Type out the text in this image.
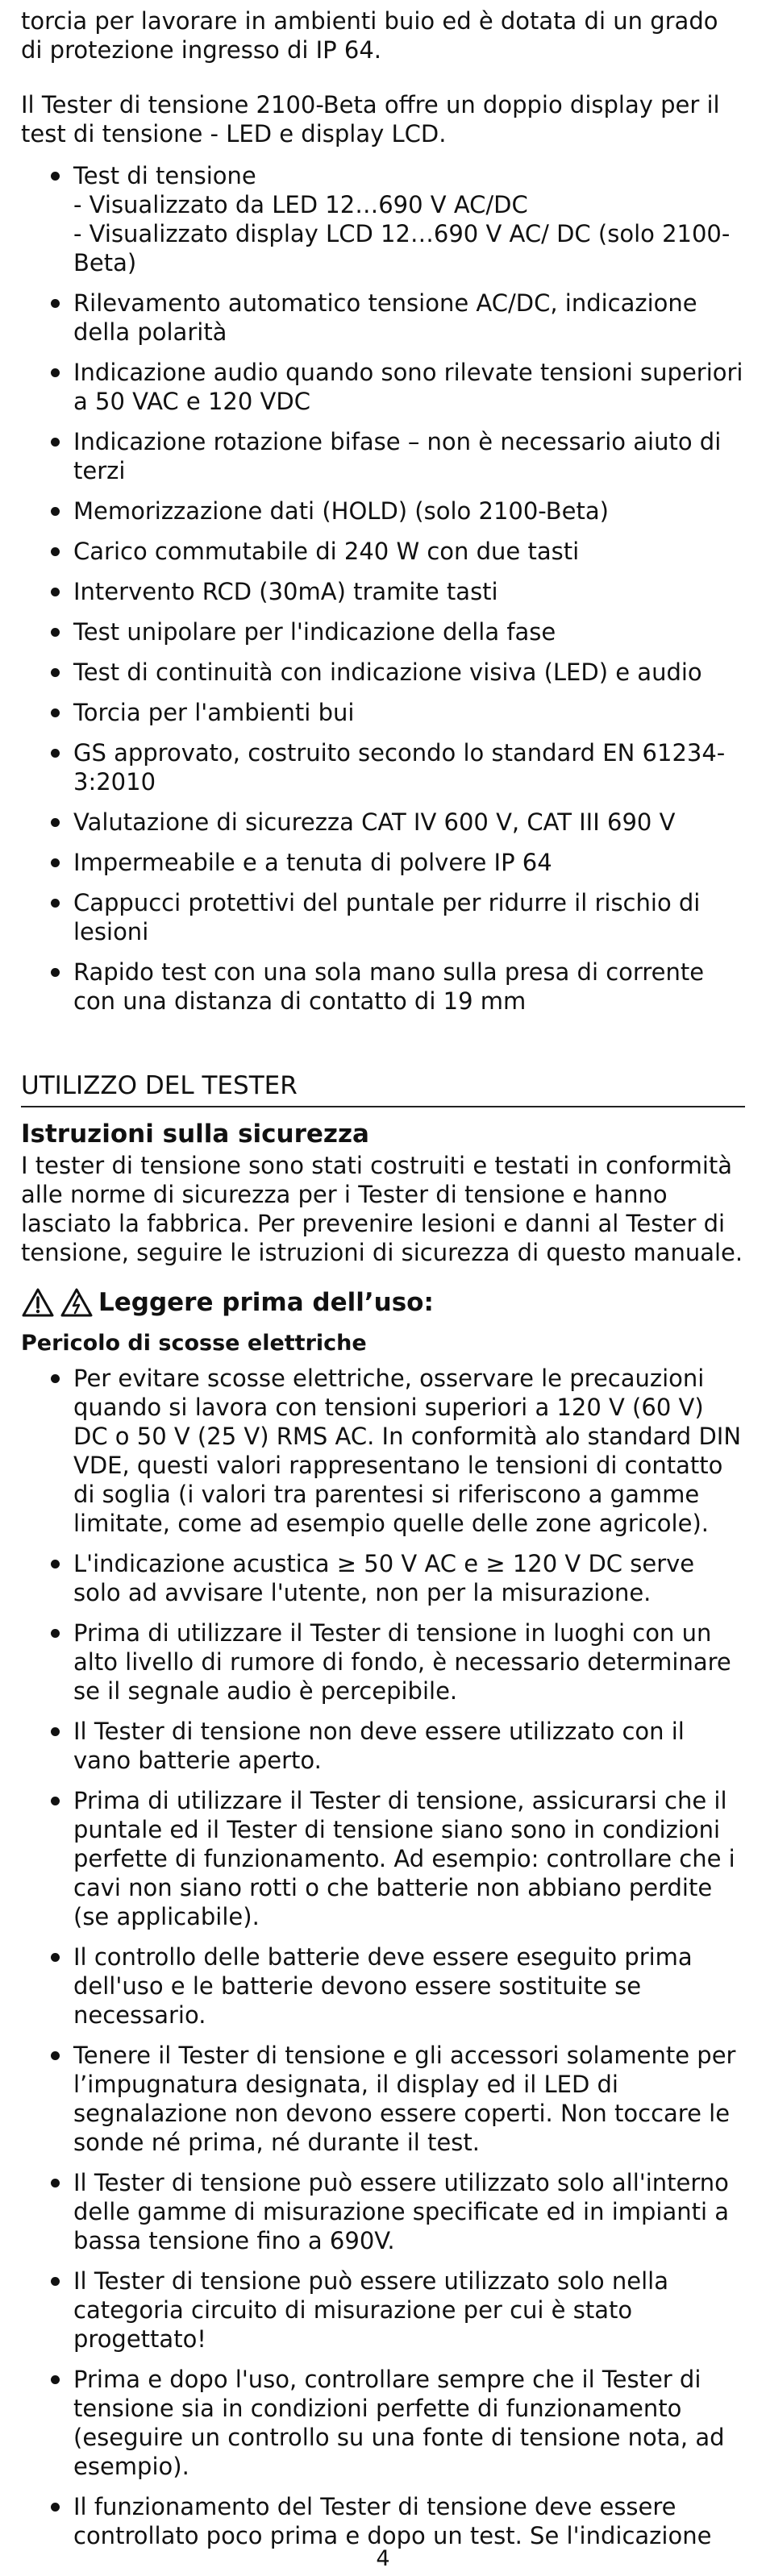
torcia per lavorare in ambienti buio ed è dotata di un grado di protezione ingresso di IP 64.

Il Tester di tensione 2100-Beta offre un doppio display per il test di tensione - LED e display LCD.

Test di tensione
- Visualizzato da LED 12…690 V AC/DC
- Visualizzato display LCD 12…690 V AC/ DC (solo 2100-Beta)
Rilevamento automatico tensione AC/DC, indicazione della polarità
Indicazione audio quando sono rilevate tensioni superiori a 50 VAC e 120 VDC
Indicazione rotazione bifase – non è necessario aiuto di terzi
Memorizzazione dati (HOLD) (solo 2100-Beta)
Carico commutabile di 240 W con due tasti
Intervento RCD (30mA) tramite tasti
Test unipolare per l'indicazione della fase
Test di continuità con indicazione visiva (LED) e audio
Torcia per l'ambienti bui
GS approvato, costruito secondo lo standard EN 61234-3:2010
Valutazione di sicurezza CAT IV 600 V, CAT III 690 V
Impermeabile e a tenuta di polvere IP 64
Cappucci protettivi del puntale per ridurre il rischio di lesioni
Rapido test con una sola mano sulla presa di corrente con una distanza di contatto di 19 mm
UTILIZZO DEL TESTER
Istruzioni sulla sicurezza

I tester di tensione sono stati costruiti e testati in conformità alle norme di sicurezza per i Tester di tensione e hanno lasciato la fabbrica. Per prevenire lesioni e danni al Tester di tensione, seguire le istruzioni di sicurezza di questo manuale.

Leggere prima dell’uso:
Pericolo di scosse elettriche
Per evitare scosse elettriche, osservare le precauzioni quando si lavora con tensioni superiori a 120 V (60 V) DC o 50 V (25 V) RMS AC. In conformità alo standard DIN VDE, questi valori rappresentano le tensioni di contatto di soglia (i valori tra parentesi si riferiscono a gamme limitate, come ad esempio quelle delle zone agricole).
L'indicazione acustica ≥ 50 V AC e ≥ 120 V DC serve solo ad avvisare l'utente, non per la misurazione.
Prima di utilizzare il Tester di tensione in luoghi con un alto livello di rumore di fondo, è necessario determinare se il segnale audio è percepibile.
Il Tester di tensione non deve essere utilizzato con il vano batterie aperto.
Prima di utilizzare il Tester di tensione, assicurarsi che il puntale ed il Tester di tensione siano sono in condizioni perfette di funzionamento. Ad esempio: controllare che i cavi non siano rotti o che batterie non abbiano perdite (se applicabile).
Il controllo delle batterie deve essere eseguito prima dell'uso e le batterie devono essere sostituite se necessario.
Tenere il Tester di tensione e gli accessori solamente per l’impugnatura designata, il display ed il LED di segnalazione non devono essere coperti. Non toccare le sonde né prima, né durante il test.
Il Tester di tensione può essere utilizzato solo all'interno delle gamme di misurazione specificate ed in impianti a bassa tensione fino a 690V.
Il Tester di tensione può essere utilizzato solo nella categoria circuito di misurazione per cui è stato progettato!
Prima e dopo l'uso, controllare sempre che il Tester di tensione sia in condizioni perfette di funzionamento (eseguire un controllo su una fonte di tensione nota, ad esempio).
Il funzionamento del Tester di tensione deve essere controllato poco prima e dopo un test. Se l'indicazione
4
